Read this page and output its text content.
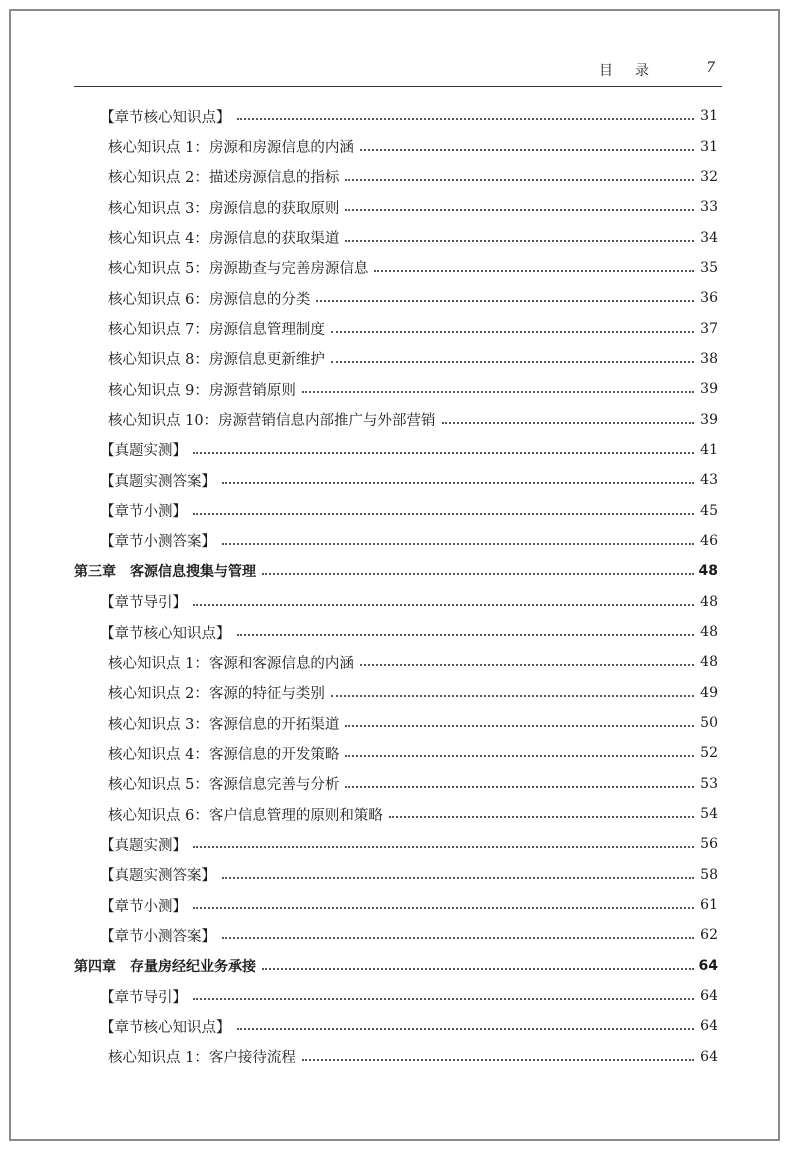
目录	7
【章节核心知识点】	31
核心知识点 1：房源和房源信息的内涵	31
核心知识点 2：描述房源信息的指标	32
核心知识点 3：房源信息的获取原则	33
核心知识点 4：房源信息的获取渠道	34
核心知识点 5：房源勘查与完善房源信息	35
核心知识点 6：房源信息的分类	36
核心知识点 7：房源信息管理制度	37
核心知识点 8：房源信息更新维护	38
核心知识点 9：房源营销原则	39
核心知识点 10：房源营销信息内部推广与外部营销	39
【真题实测】	41
【真题实测答案】	43
【章节小测】	45
【章节小测答案】	46
第三章　客源信息搜集与管理	48
【章节导引】	48
【章节核心知识点】	48
核心知识点 1：客源和客源信息的内涵	48
核心知识点 2：客源的特征与类别	49
核心知识点 3：客源信息的开拓渠道	50
核心知识点 4：客源信息的开发策略	52
核心知识点 5：客源信息完善与分析	53
核心知识点 6：客户信息管理的原则和策略	54
【真题实测】	56
【真题实测答案】	58
【章节小测】	61
【章节小测答案】	62
第四章　存量房经纪业务承接	64
【章节导引】	64
【章节核心知识点】	64
核心知识点 1：客户接待流程	64
